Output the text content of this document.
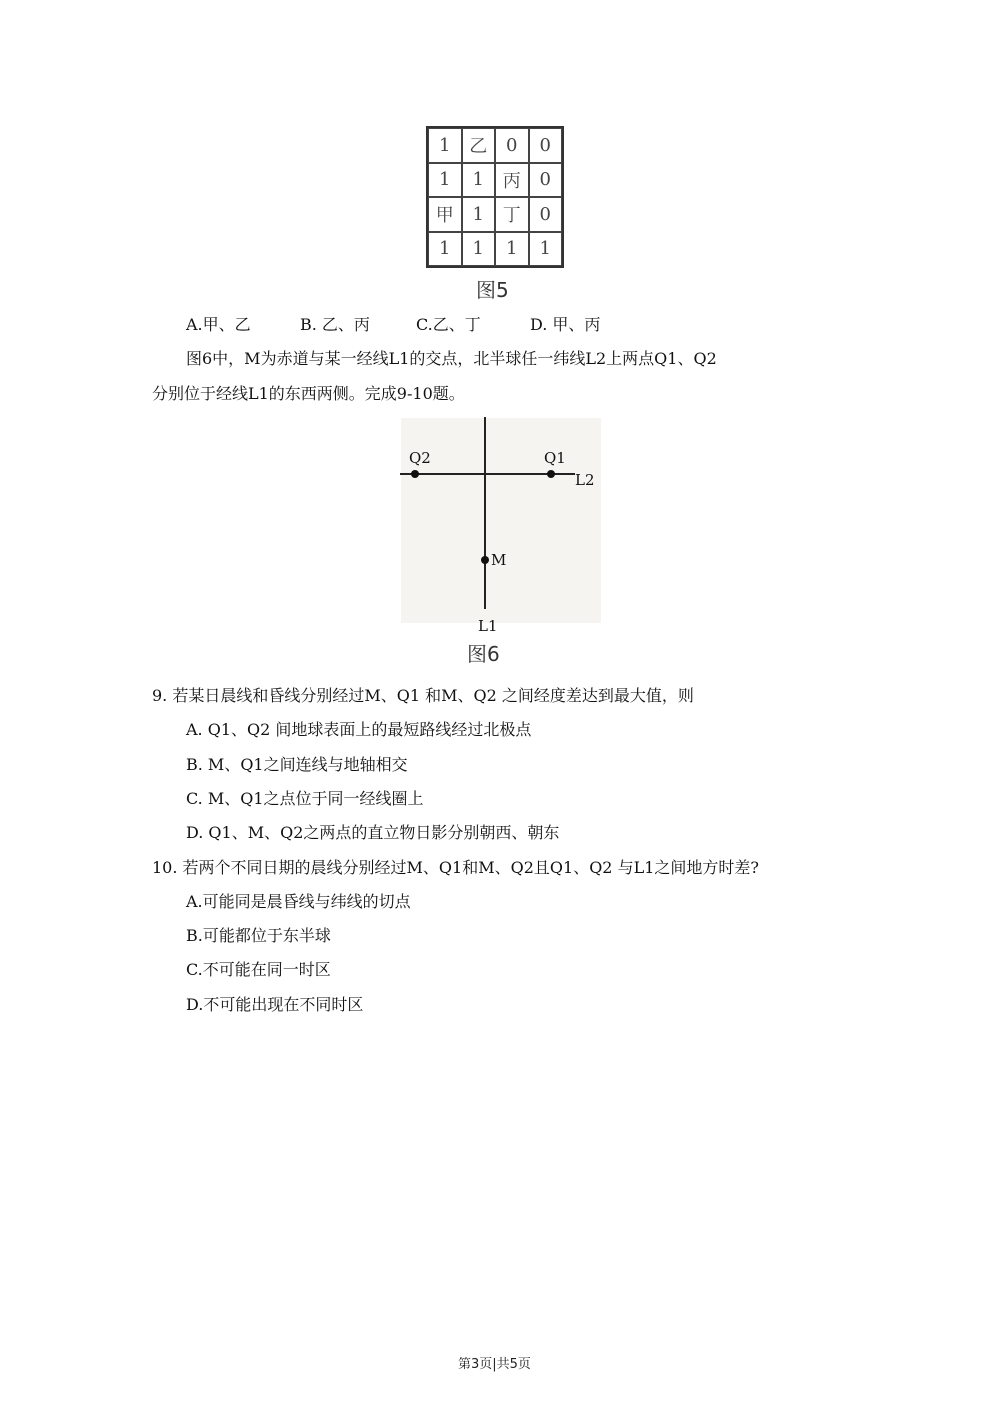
1	乙	0	0
1	1	丙	0
甲	1	丁	0
1	1	1	1
图5
A.甲、乙	B. 乙、丙	C.乙、丁	D. 甲、丙
图6中，M为赤道与某一经线L1的交点，北半球任一纬线L2上两点Q1、Q2
分别位于经线L1的东西两侧。完成9-10题。
Q2	Q1
L2
M
L1
图6
9. 若某日晨线和昏线分别经过M、Q1 和M、Q2 之间经度差达到最大值，则
A. Q1、Q2 间地球表面上的最短路线经过北极点
B. M、Q1之间连线与地轴相交
C. M、Q1之点位于同一经线圈上
D. Q1、M、Q2之两点的直立物日影分别朝西、朝东
10. 若两个不同日期的晨线分别经过M、Q1和M、Q2且Q1、Q2 与L1之间地方时差?
A.可能同是晨昏线与纬线的切点
B.可能都位于东半球
C.不可能在同一时区
D.不可能出现在不同时区
第3页|共5页
